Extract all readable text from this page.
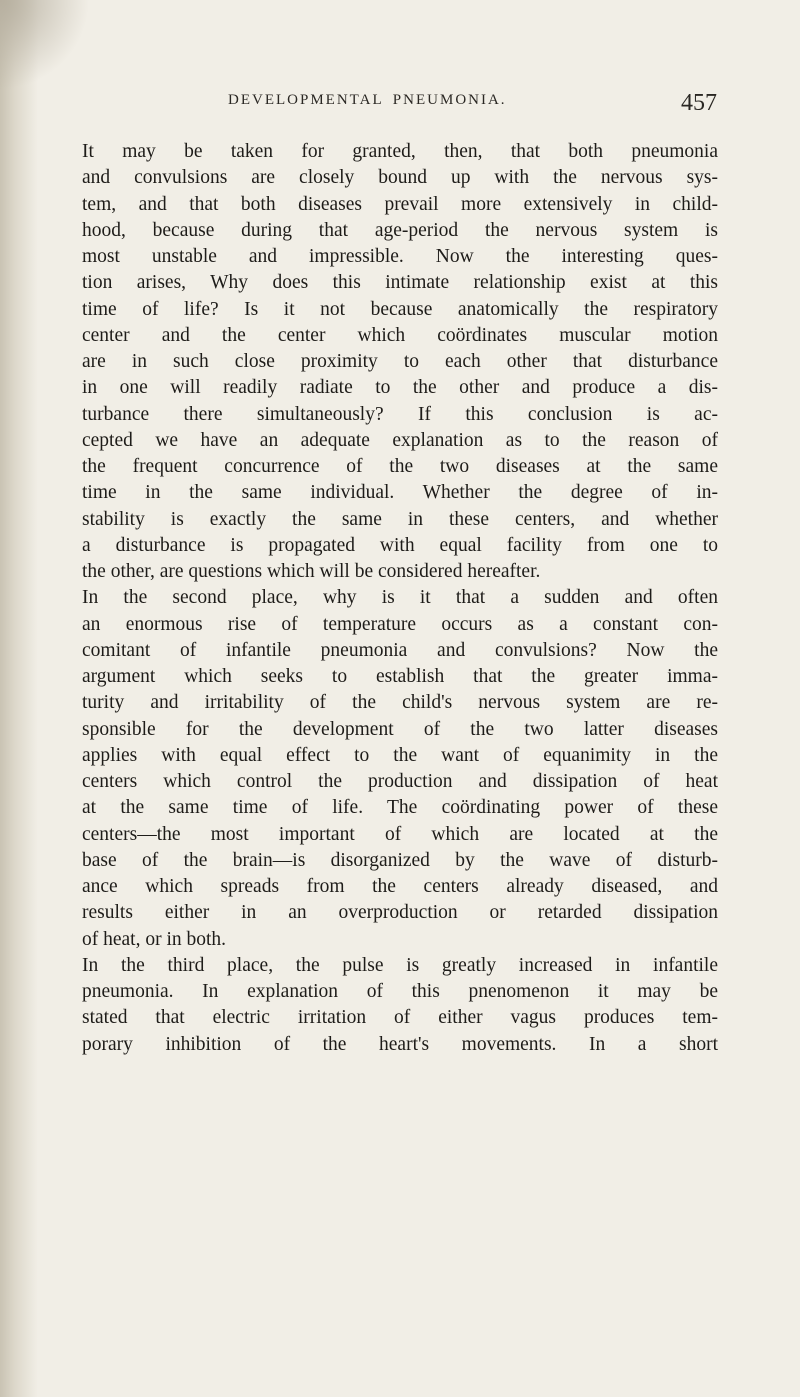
DEVELOPMENTAL PNEUMONIA.	457
It may be taken for granted, then, that both pneumonia
and convulsions are closely bound up with the nervous sys-
tem, and that both diseases prevail more extensively in child-
hood, because during that age-period the nervous system is
most unstable and impressible. Now the interesting ques-
tion arises, Why does this intimate relationship exist at this
time of life? Is it not because anatomically the respiratory
center and the center which coördinates muscular motion
are in such close proximity to each other that disturbance
in one will readily radiate to the other and produce a dis-
turbance there simultaneously? If this conclusion is ac-
cepted we have an adequate explanation as to the reason of
the frequent concurrence of the two diseases at the same
time in the same individual. Whether the degree of in-
stability is exactly the same in these centers, and whether
a disturbance is propagated with equal facility from one to
the other, are questions which will be considered hereafter.
In the second place, why is it that a sudden and often
an enormous rise of temperature occurs as a constant con-
comitant of infantile pneumonia and convulsions? Now the
argument which seeks to establish that the greater imma-
turity and irritability of the child's nervous system are re-
sponsible for the development of the two latter diseases
applies with equal effect to the want of equanimity in the
centers which control the production and dissipation of heat
at the same time of life. The coördinating power of these
centers—the most important of which are located at the
base of the brain—is disorganized by the wave of disturb-
ance which spreads from the centers already diseased, and
results either in an overproduction or retarded dissipation
of heat, or in both.
In the third place, the pulse is greatly increased in infantile
pneumonia. In explanation of this pnenomenon it may be
stated that electric irritation of either vagus produces tem-
porary inhibition of the heart's movements. In a short
